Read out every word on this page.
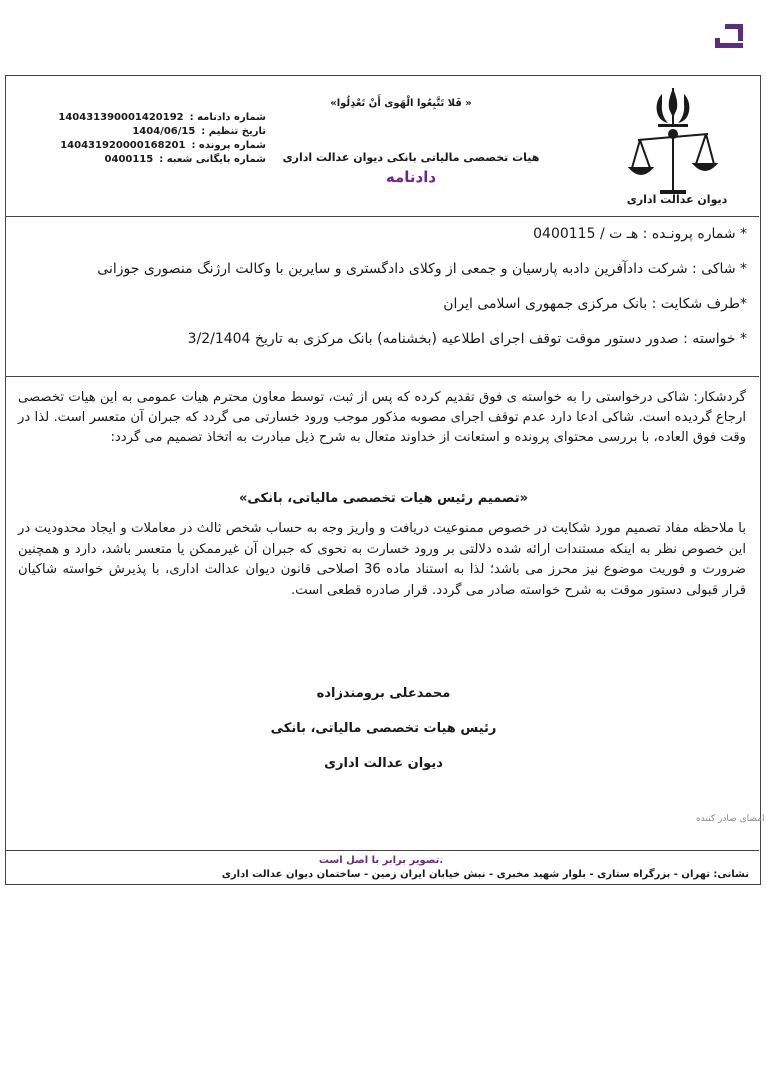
دیوان عدالت اداری
«فَلا تَتَّبِعُوا الْهَوی أَنْ تَعْدِلُوا »
هیات تخصصی مالیاتی بانکی دیوان عدالت اداری
دادنامه
شماره دادنامه :
140431390001420192
تاریخ تنظیم :
1404/06/15
شماره پرونده :
140431920000168201
شماره بایگانی شعبه :
0400115
* شماره پرونـده : هـ ت / 0400115
* شاکی : شرکت دادآفرین دادبه پارسیان و جمعی از وکلای دادگستری و سایرین با وکالت ارژنگ منصوری جوزانی
*طرف شکایت : بانک مرکزی جمهوری اسلامی ایران
* خواسته : صدور دستور موقت توقف اجرای اطلاعیه (بخشنامه) بانک مرکزی به تاریخ 3/2/1404
گردشکار: شاکی درخواستی را به خواسته ی فوق تقدیم کرده که پس از ثبت، توسط معاون محترم هیات عمومی به این هیات تخصصی ارجاع گردیده است. شاکی ادعا دارد عدم توقف اجرای مصوبه مذکور موجب ورود خسارتی می گردد که جبران آن متعسر است. لذا در وقت فوق العاده، با بررسی محتوای پرونده و استعانت از خداوند متعال به شرح ذیل مبادرت به اتخاذ تصمیم می گردد:
«تصمیم رئیس هیات تخصصی مالیاتی، بانکی»
با ملاحظه مفاد تصمیم مورد شکایت در خصوص ممنوعیت دریافت و واریز وجه به حساب شخص ثالث در معاملات و ایجاد محدودیت در این خصوص نظر به اینکه مستندات ارائه شده دلالتی بر ورود خسارت به نحوی که جبران آن غیرممکن یا متعسر باشد، دارد و همچنین ضرورت و فوریت موضوع نیز محرز می باشد؛ لذا به استناد ماده 36 اصلاحی قانون دیوان عدالت اداری، با پذیرش خواسته شاکیان قرار قبولی دستور موقت به شرح خواسته صادر می گردد. قرار صادره قطعی است.
محمدعلی برومندزاده
رئیس هیات تخصصی مالیاتی، بانکی
دیوان عدالت اداری
امضای صادر کننده
تصویر برابر با اصل است.
نشانی: تهران - بزرگراه ستاری - بلوار شهید مخبری - نبش خیابان ایران زمین - ساختمان دیوان عدالت اداری
